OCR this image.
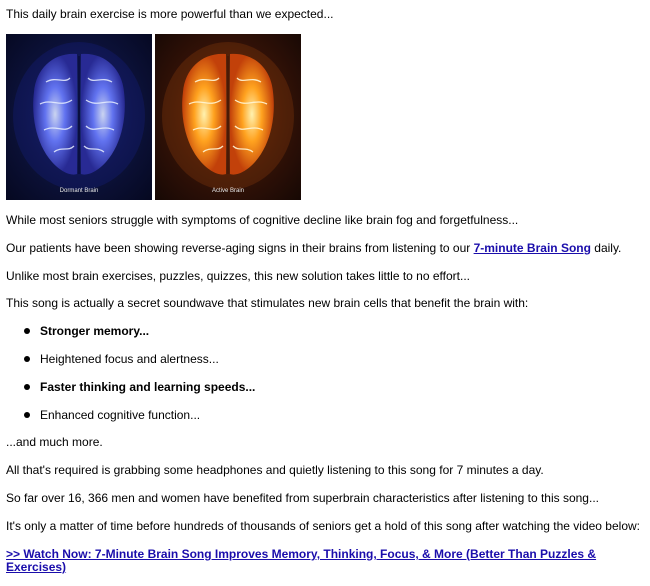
This daily brain exercise is more powerful than we expected...

Dormant Brain	Active Brain

While most seniors struggle with symptoms of cognitive decline like brain fog and forgetfulness...

Our patients have been showing reverse-aging signs in their brains from listening to our 7-minute Brain Song daily.

Unlike most brain exercises, puzzles, quizzes, this new solution takes little to no effort...

This song is actually a secret soundwave that stimulates new brain cells that benefit the brain with:

Stronger memory...
Heightened focus and alertness...
Faster thinking and learning speeds...
Enhanced cognitive function...

...and much more.

All that's required is grabbing some headphones and quietly listening to this song for 7 minutes a day.

So far over 16, 366 men and women have benefited from superbrain characteristics after listening to this song...

It's only a matter of time before hundreds of thousands of seniors get a hold of this song after watching the video below:

>> Watch Now: 7-Minute Brain Song Improves Memory, Thinking, Focus, & More (Better Than Puzzles & Exercises)
